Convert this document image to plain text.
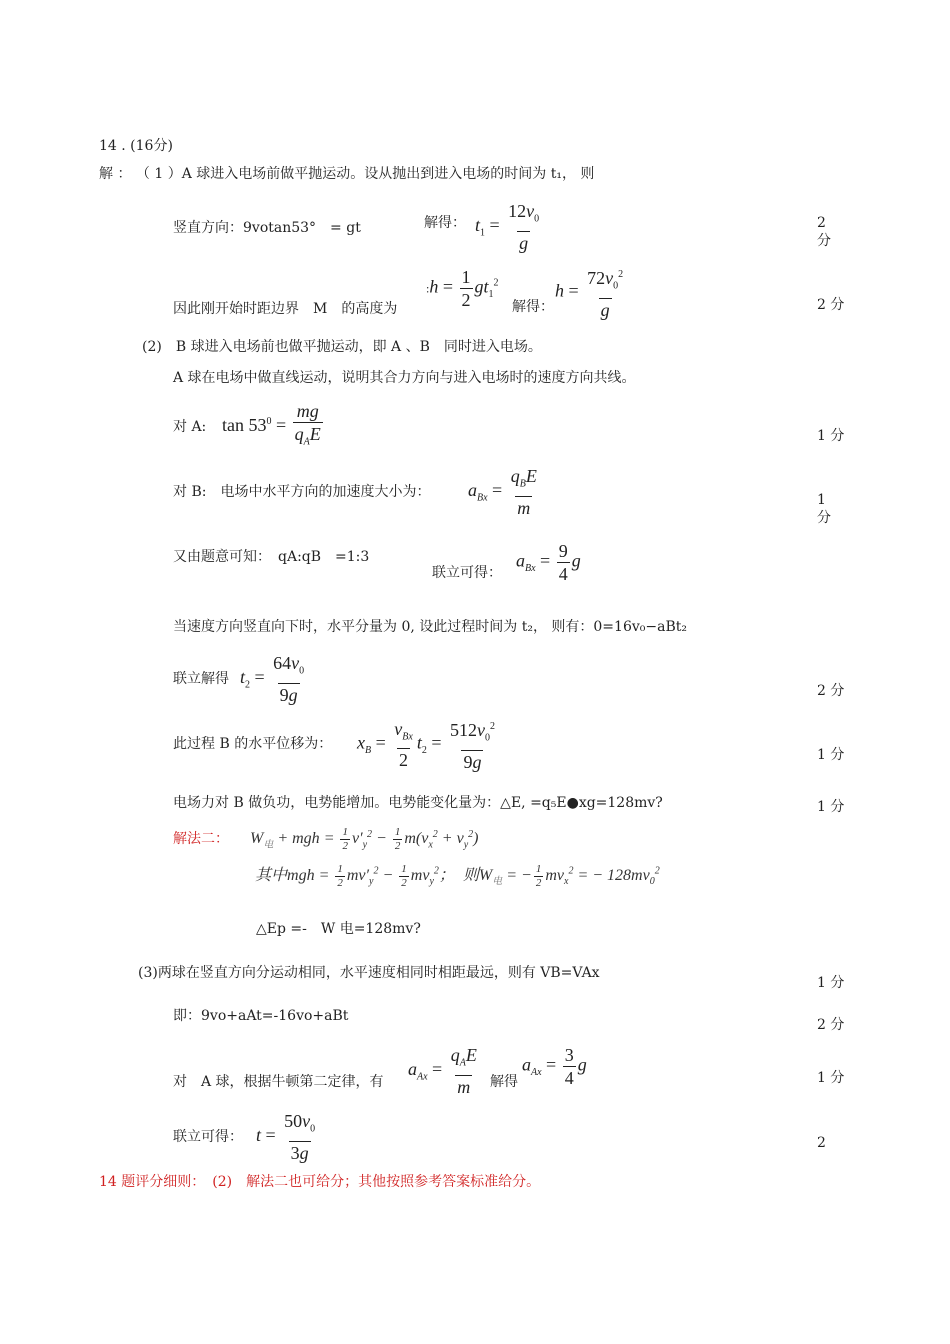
14 . (16分)
解 ： （ 1 ）A 球进入电场前做平抛运动。设从抛出到进入电场的时间为 t₁， 则
竖直方向：9votan53°　= gt	解得： $t_1 = \frac{12v_0}{g}$	2
分
:h = $\frac{1}{2} gt_1^2$
因此刚开始时距边界　M　的高度为	解得：
$h = \frac{72v_0^2}{g}$	2 分
(2)　B 球进入电场前也做平抛运动，即 A 、B　同时进入电场。
A 球在电场中做直线运动，说明其合力方向与进入电场时的速度方向共线。
对 A: $\tan 53^0 = \frac{mg}{q_AE}$	1 分
对 B:　电场中水平方向的加速度大小为： $a_{Bx} = \frac{q_BE}{m}$	1
分
又由题意可知：　qA:qB　=1:3
联立可得：
$a_{Bx} = \frac{9}{4}$ g
当速度方向竖直向下时，水平分量为 0, 设此过程时间为 t₂， 则有：0=16v₀−aBt₂
联立解得 $t_2 = \frac{64v_0}{9g}$	2 分
此过程 B 的水平位移为： $x_B = \frac{v_{Bx}}{2} t_2 = \frac{512v_0^2}{9g}$	1 分
电场力对 B 做负功，电势能增加。电势能变化量为：△E, =q₅E●xg=128mv?	1 分
解法二： $W_电$ + mgh = $\frac{1}{2} v'_y^2 - \frac{1}{2} m(v_x^2 + v_y^2)$
其中mgh = $\frac{1}{2} mv'_y^2 - \frac{1}{2} mv_y^2$；　则$W_电$ = − $\frac{1}{2} mv_x^2$ = − $128mv_0^2$
△Ep =-　W 电=128mv?
(3)两球在竖直方向分运动相同，水平速度相同时相距最远，则有 VB=VAx
1 分
即：9vo+aAt=-16vo+aBt
2 分
对　A 球，根据牛顿第二定律，有
$a_{Ax} = \frac{q_AE}{m}$ 解得
$a_{Ax} = \frac{3}{4}$ g
1 分
联立可得： $t = \frac{50v_0}{3g}$	2
14 题评分细则：　(2)　解法二也可给分；其他按照参考答案标准给分。
